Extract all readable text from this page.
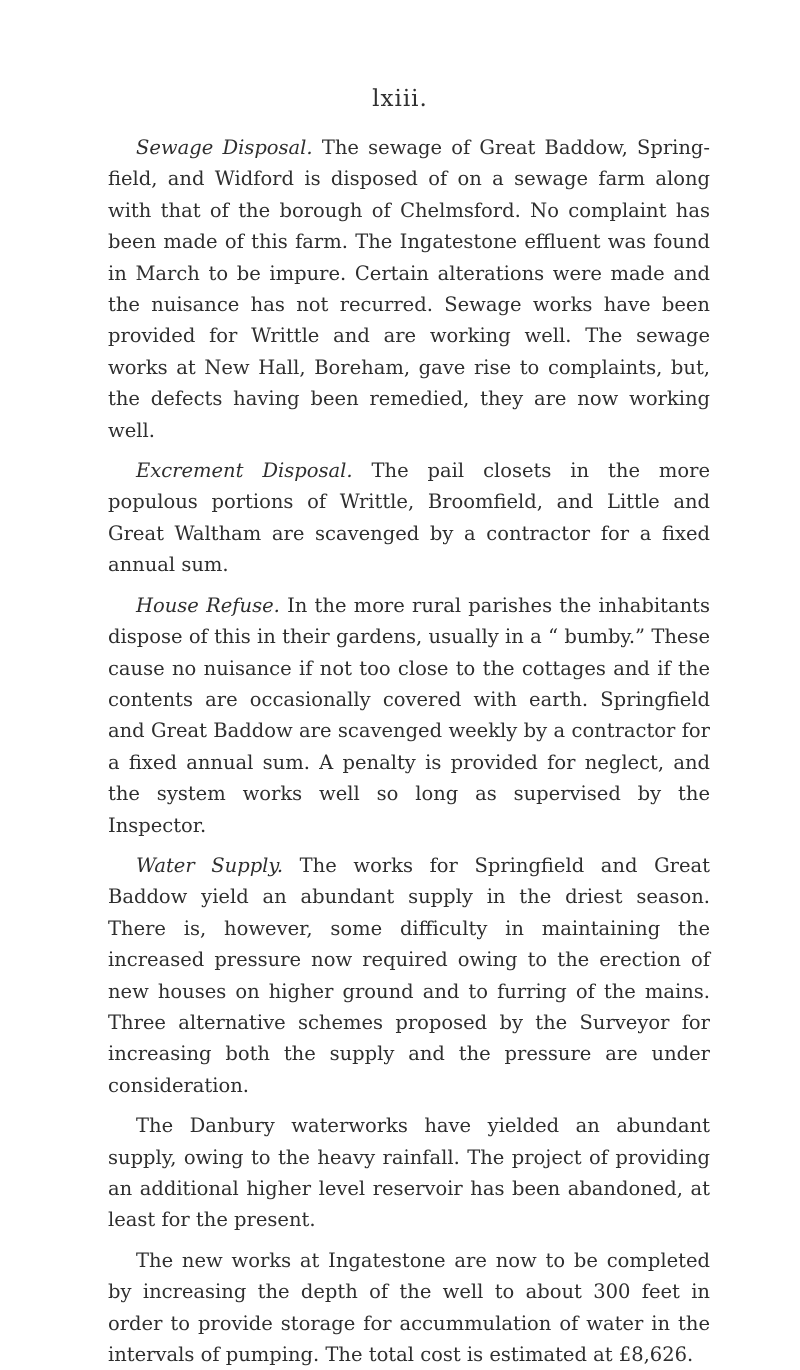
lxiii.

Sewage Disposal. The sewage of Great Baddow, Spring-field, and Widford is disposed of on a sewage farm along with that of the borough of Chelmsford. No complaint has been made of this farm. The Ingatestone effluent was found in March to be impure. Certain alterations were made and the nuisance has not recurred. Sewage works have been provided for Writtle and are working well. The sewage works at New Hall, Boreham, gave rise to complaints, but, the defects having been remedied, they are now working well.

Excrement Disposal. The pail closets in the more populous portions of Writtle, Broomfield, and Little and Great Waltham are scavenged by a contractor for a fixed annual sum.

House Refuse. In the more rural parishes the inhabitants dispose of this in their gardens, usually in a “ bumby.” These cause no nuisance if not too close to the cottages and if the contents are occasionally covered with earth. Springfield and Great Baddow are scavenged weekly by a contractor for a fixed annual sum. A penalty is provided for neglect, and the system works well so long as supervised by the Inspector.

Water Supply. The works for Springfield and Great Baddow yield an abundant supply in the driest season. There is, however, some difficulty in maintaining the increased pressure now required owing to the erection of new houses on higher ground and to furring of the mains. Three alternative schemes proposed by the Surveyor for increasing both the supply and the pressure are under consideration.

The Danbury waterworks have yielded an abundant supply, owing to the heavy rainfall. The project of providing an additional higher level reservoir has been abandoned, at least for the present.

The new works at Ingatestone are now to be completed by increasing the depth of the well to about 300 feet in order to provide storage for accummulation of water in the intervals of pumping. The total cost is estimated at £8,626.
